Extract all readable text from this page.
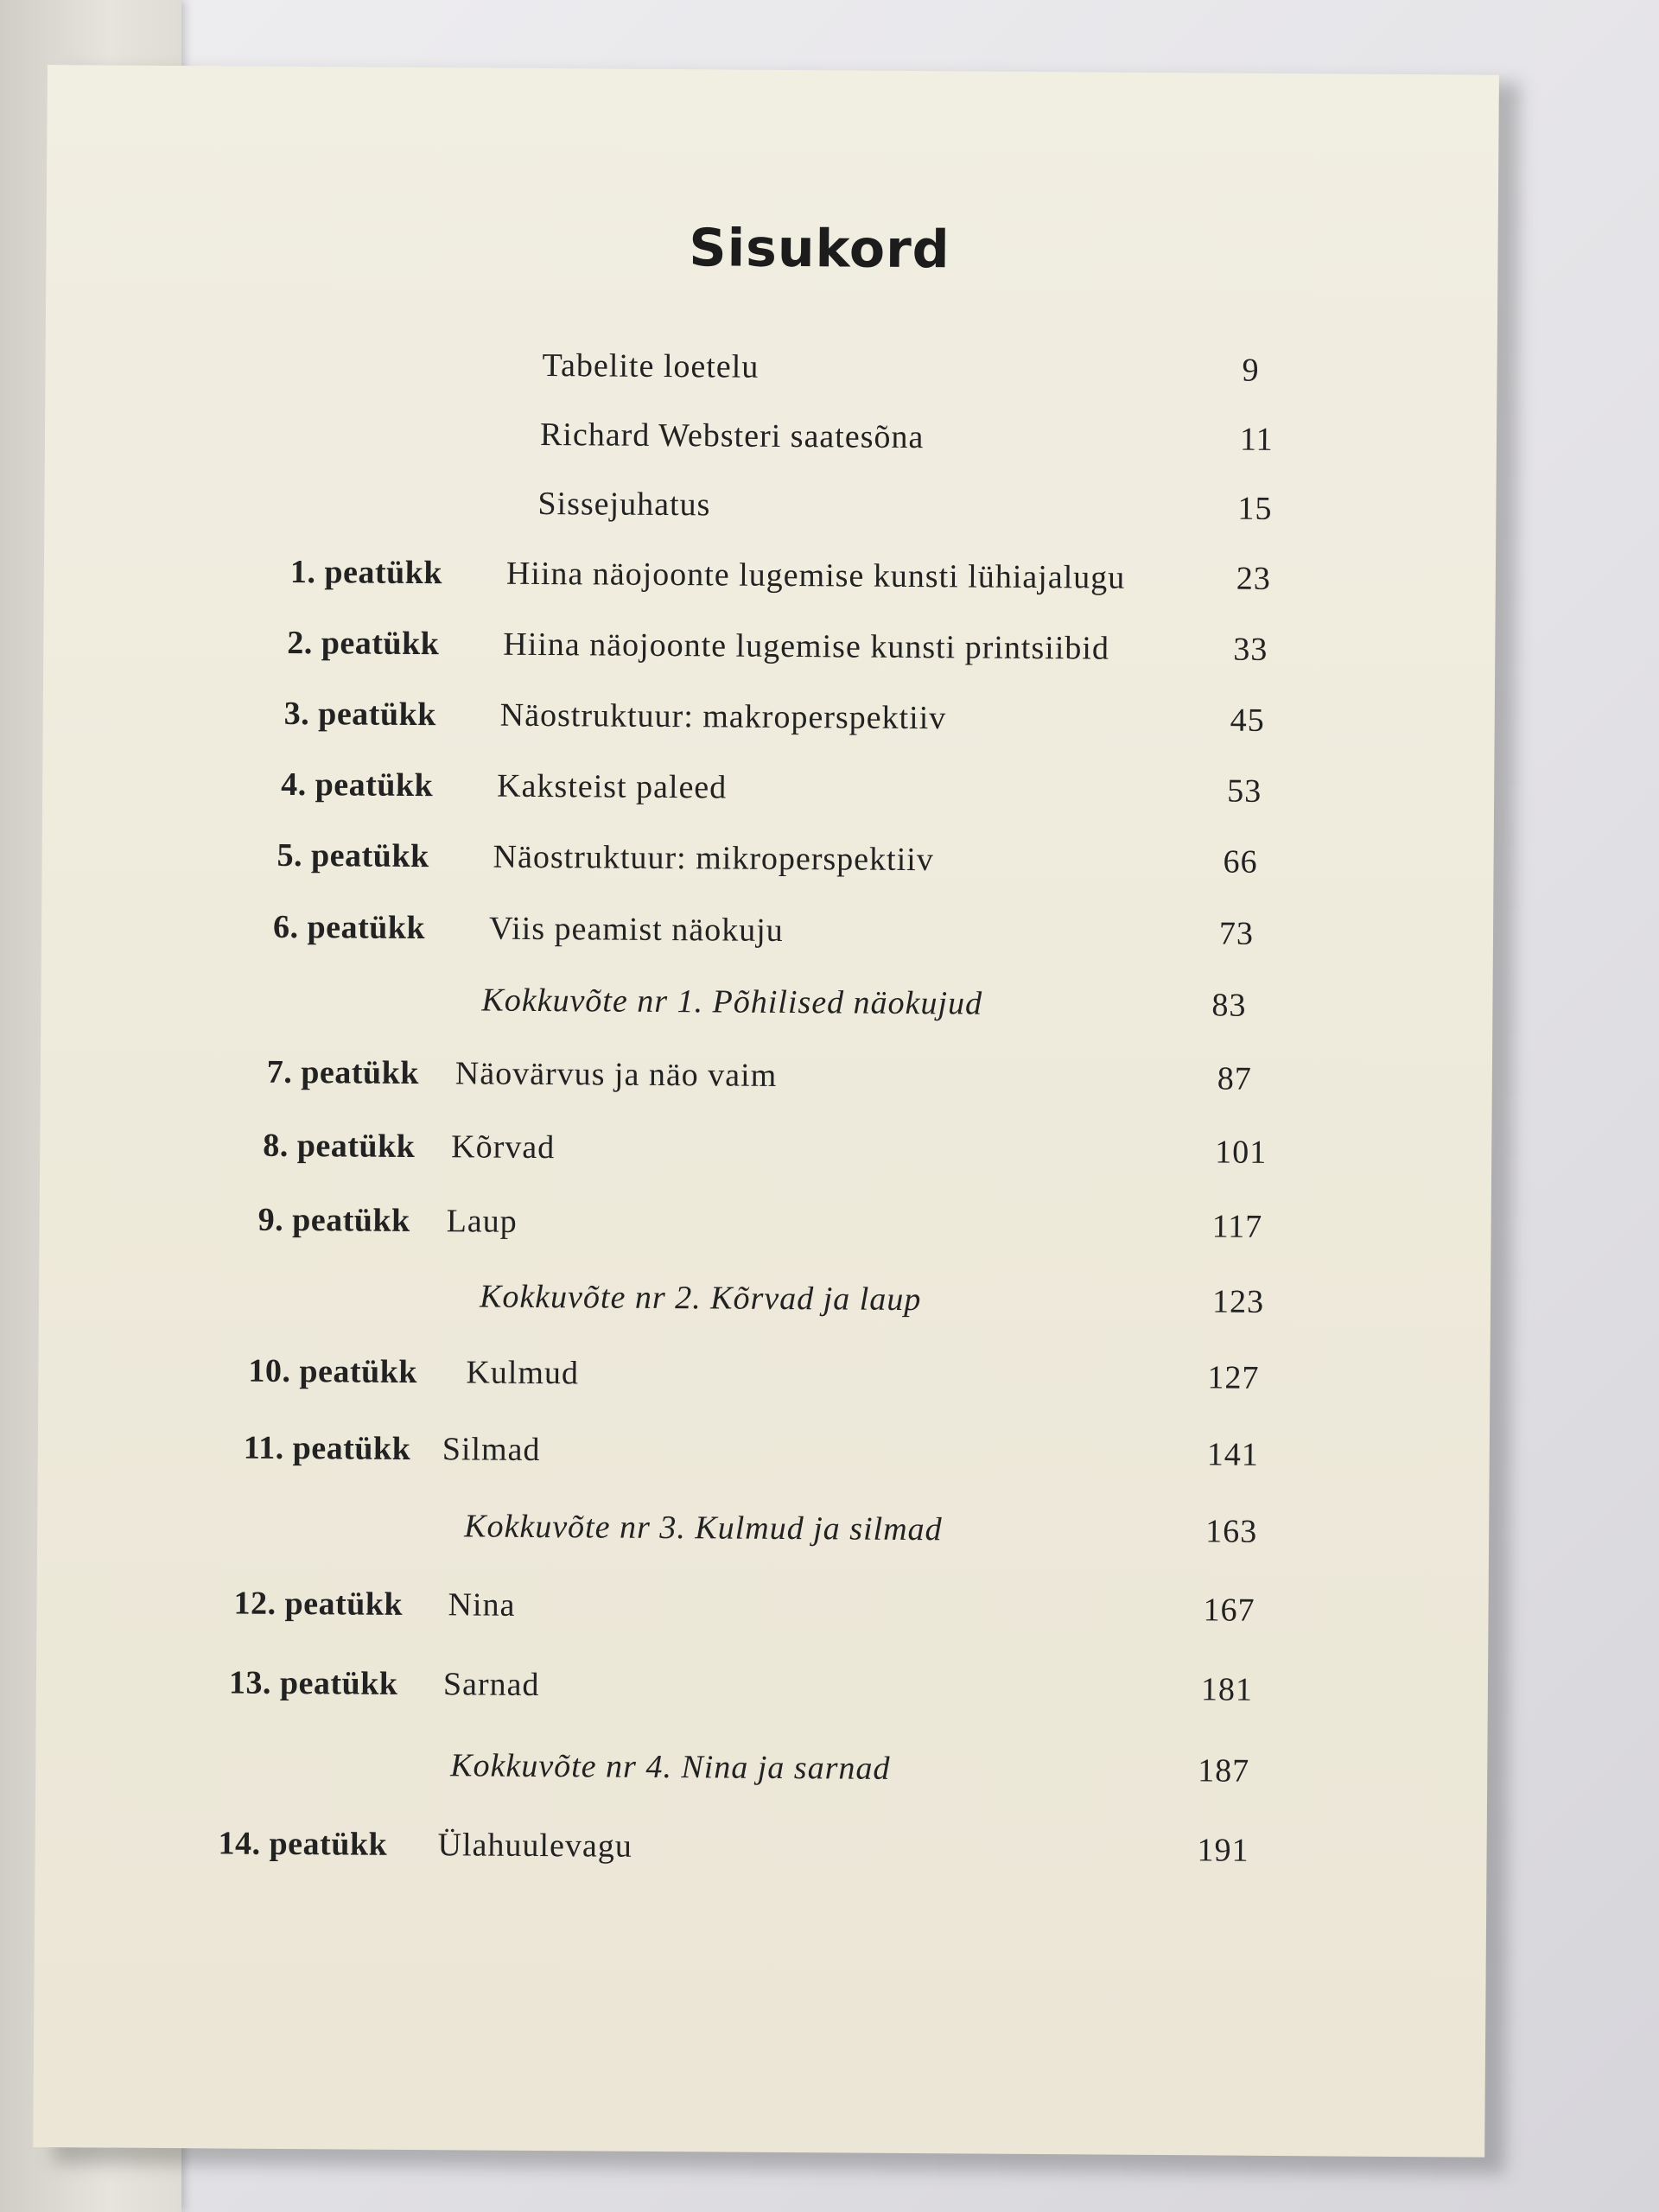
Sisukord
Tabelite loetelu	9
Richard Websteri saatesõna	11
Sissejuhatus	15
1. peatükk Hiina näojoonte lugemise kunsti lühiajalugu	23
2. peatükk Hiina näojoonte lugemise kunsti printsiibid	33
3. peatükk Näostruktuur: makroperspektiiv	45
4. peatükk Kaksteist paleed	53
5. peatükk Näostruktuur: mikroperspektiiv	66
6. peatükk Viis peamist näokuju	73
Kokkuvõte nr 1. Põhilised näokujud	83
7. peatükk Näovärvus ja näo vaim	87
8. peatükk Kõrvad	101
9. peatükk Laup	117
Kokkuvõte nr 2. Kõrvad ja laup	123
10. peatükk Kulmud	127
11. peatükk Silmad	141
Kokkuvõte nr 3. Kulmud ja silmad	163
12. peatükk Nina	167
13. peatükk Sarnad	181
Kokkuvõte nr 4. Nina ja sarnad	187
14. peatükk Ülahuulevagu	191
